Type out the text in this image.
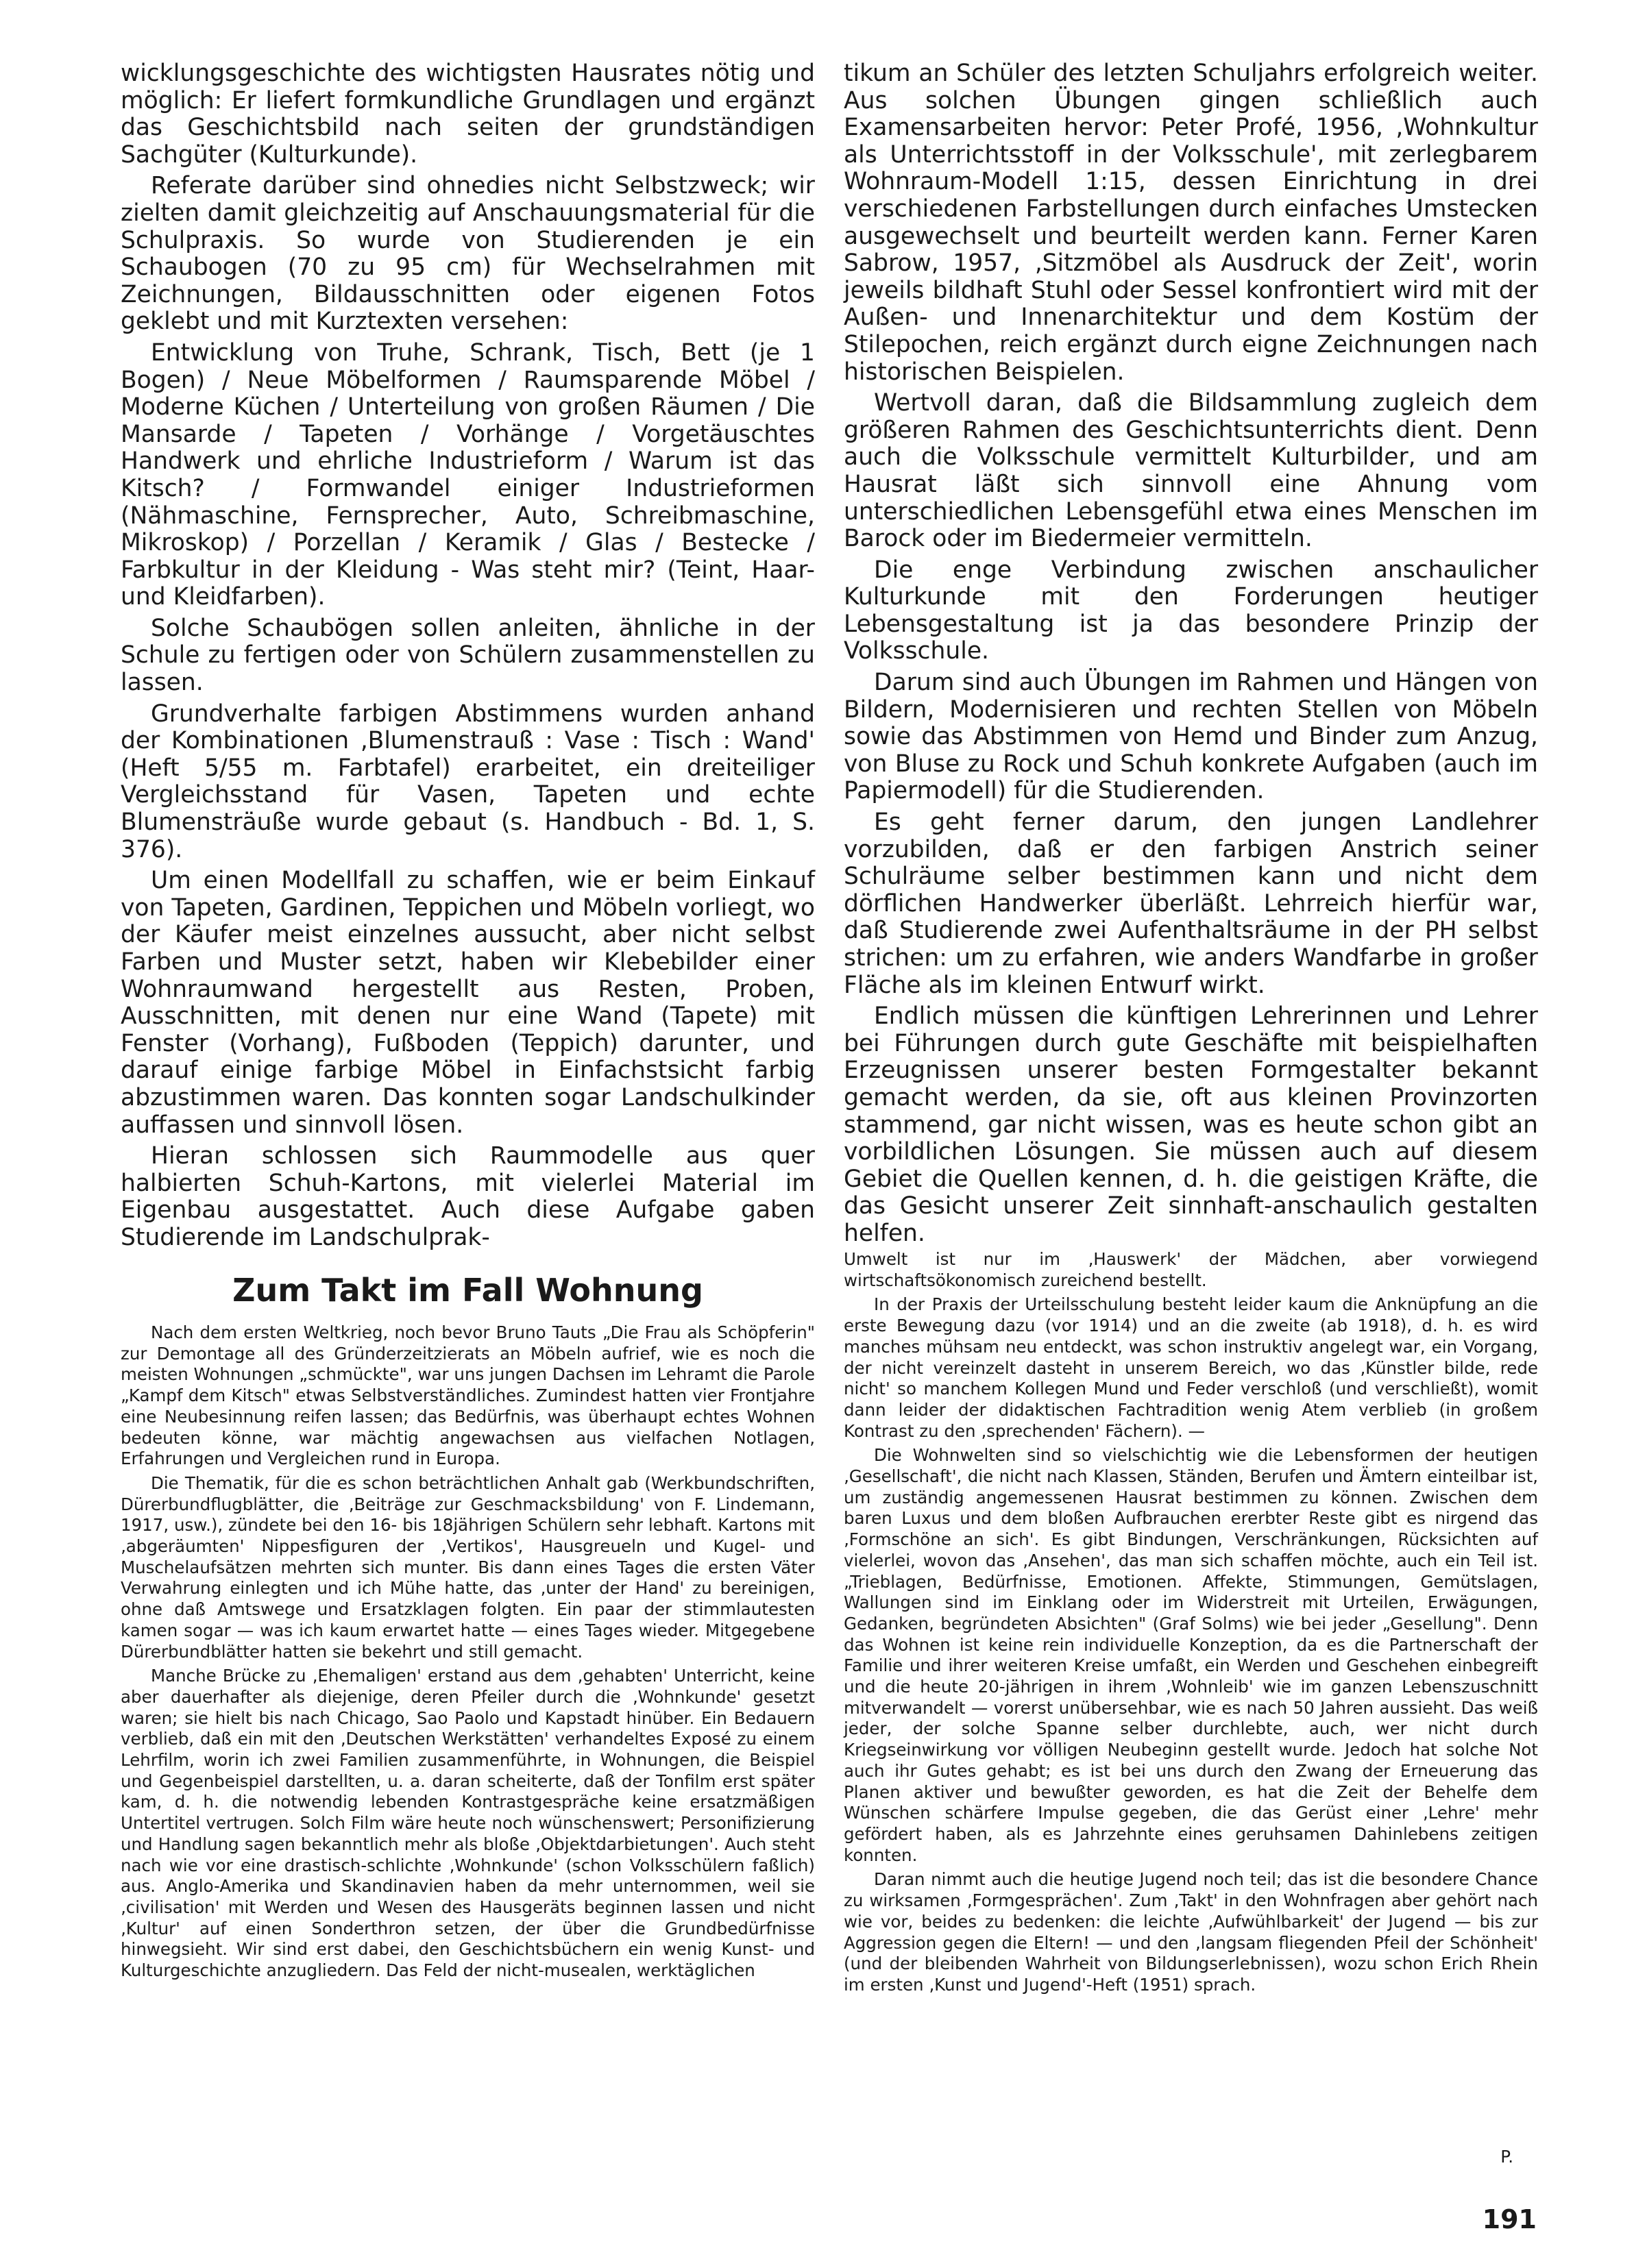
wicklungsgeschichte des wichtigsten Hausrates nötig und möglich: Er liefert formkundliche Grundlagen und ergänzt das Geschichtsbild nach seiten der grundständigen Sachgüter (Kulturkunde).

Referate darüber sind ohnedies nicht Selbstzweck; wir zielten damit gleichzeitig auf Anschauungsmaterial für die Schulpraxis. So wurde von Studierenden je ein Schaubogen (70 zu 95 cm) für Wechselrahmen mit Zeichnungen, Bildausschnitten oder eigenen Fotos geklebt und mit Kurztexten versehen:

Entwicklung von Truhe, Schrank, Tisch, Bett (je 1 Bogen) / Neue Möbelformen / Raumsparende Möbel / Moderne Küchen / Unterteilung von großen Räumen / Die Mansarde / Tapeten / Vorhänge / Vorgetäuschtes Handwerk und ehrliche Industrieform / Warum ist das Kitsch? / Formwandel einiger Industrieformen (Nähmaschine, Fernsprecher, Auto, Schreibmaschine, Mikroskop) / Porzellan / Keramik / Glas / Bestecke / Farbkultur in der Kleidung - Was steht mir? (Teint, Haar- und Kleidfarben).

Solche Schaubögen sollen anleiten, ähnliche in der Schule zu fertigen oder von Schülern zusammenstellen zu lassen.

Grundverhalte farbigen Abstimmens wurden anhand der Kombinationen ‚Blumenstrauß : Vase : Tisch : Wand' (Heft 5/55 m. Farbtafel) erarbeitet, ein dreiteiliger Vergleichsstand für Vasen, Tapeten und echte Blumensträuße wurde gebaut (s. Handbuch - Bd. 1, S. 376).

Um einen Modellfall zu schaffen, wie er beim Einkauf von Tapeten, Gardinen, Teppichen und Möbeln vorliegt, wo der Käufer meist einzelnes aussucht, aber nicht selbst Farben und Muster setzt, haben wir Klebebilder einer Wohnraumwand hergestellt aus Resten, Proben, Ausschnitten, mit denen nur eine Wand (Tapete) mit Fenster (Vorhang), Fußboden (Teppich) darunter, und darauf einige farbige Möbel in Einfachstsicht farbig abzustimmen waren. Das konnten sogar Landschulkinder auffassen und sinnvoll lösen.

Hieran schlossen sich Raummodelle aus quer halbierten Schuh-Kartons, mit vielerlei Material im Eigenbau ausgestattet. Auch diese Aufgabe gaben Studierende im Landschulprak-

tikum an Schüler des letzten Schuljahrs erfolgreich weiter. Aus solchen Übungen gingen schließlich auch Examensarbeiten hervor: Peter Profé, 1956, ‚Wohnkultur als Unterrichtsstoff in der Volksschule', mit zerlegbarem Wohnraum-Modell 1:15, dessen Einrichtung in drei verschiedenen Farbstellungen durch einfaches Umstecken ausgewechselt und beurteilt werden kann. Ferner Karen Sabrow, 1957, ‚Sitzmöbel als Ausdruck der Zeit', worin jeweils bildhaft Stuhl oder Sessel konfrontiert wird mit der Außen- und Innenarchitektur und dem Kostüm der Stilepochen, reich ergänzt durch eigne Zeichnungen nach historischen Beispielen.

Wertvoll daran, daß die Bildsammlung zugleich dem größeren Rahmen des Geschichtsunterrichts dient. Denn auch die Volksschule vermittelt Kulturbilder, und am Hausrat läßt sich sinnvoll eine Ahnung vom unterschiedlichen Lebensgefühl etwa eines Menschen im Barock oder im Biedermeier vermitteln.

Die enge Verbindung zwischen anschaulicher Kulturkunde mit den Forderungen heutiger Lebensgestaltung ist ja das besondere Prinzip der Volksschule.

Darum sind auch Übungen im Rahmen und Hängen von Bildern, Modernisieren und rechten Stellen von Möbeln sowie das Abstimmen von Hemd und Binder zum Anzug, von Bluse zu Rock und Schuh konkrete Aufgaben (auch im Papiermodell) für die Studierenden.

Es geht ferner darum, den jungen Landlehrer vorzubilden, daß er den farbigen Anstrich seiner Schulräume selber bestimmen kann und nicht dem dörflichen Handwerker überläßt. Lehrreich hierfür war, daß Studierende zwei Aufenthaltsräume in der PH selbst strichen: um zu erfahren, wie anders Wandfarbe in großer Fläche als im kleinen Entwurf wirkt.

Endlich müssen die künftigen Lehrerinnen und Lehrer bei Führungen durch gute Geschäfte mit beispielhaften Erzeugnissen unserer besten Formgestalter bekannt gemacht werden, da sie, oft aus kleinen Provinzorten stammend, gar nicht wissen, was es heute schon gibt an vorbildlichen Lösungen. Sie müssen auch auf diesem Gebiet die Quellen kennen, d. h. die geistigen Kräfte, die das Gesicht unserer Zeit sinnhaft-anschaulich gestalten helfen.

Zum Takt im Fall Wohnung

Nach dem ersten Weltkrieg, noch bevor Bruno Tauts „Die Frau als Schöpferin" zur Demontage all des Gründerzeitzierats an Möbeln aufrief, wie es noch die meisten Wohnungen „schmückte", war uns jungen Dachsen im Lehramt die Parole „Kampf dem Kitsch" etwas Selbstverständliches. Zumindest hatten vier Frontjahre eine Neubesinnung reifen lassen; das Bedürfnis, was überhaupt echtes Wohnen bedeuten könne, war mächtig angewachsen aus vielfachen Notlagen, Erfahrungen und Vergleichen rund in Europa.

Die Thematik, für die es schon beträchtlichen Anhalt gab (Werkbundschriften, Dürerbundflugblätter, die ‚Beiträge zur Geschmacksbildung' von F. Lindemann, 1917, usw.), zündete bei den 16- bis 18jährigen Schülern sehr lebhaft. Kartons mit ‚abgeräumten' Nippesfiguren der ‚Vertikos', Hausgreueln und Kugel- und Muschelaufsätzen mehrten sich munter. Bis dann eines Tages die ersten Väter Verwahrung einlegten und ich Mühe hatte, das ‚unter der Hand' zu bereinigen, ohne daß Amtswege und Ersatzklagen folgten. Ein paar der stimmlautesten kamen sogar — was ich kaum erwartet hatte — eines Tages wieder. Mitgegebene Dürerbundblätter hatten sie bekehrt und still gemacht.

Manche Brücke zu ‚Ehemaligen' erstand aus dem ‚gehabten' Unterricht, keine aber dauerhafter als diejenige, deren Pfeiler durch die ‚Wohnkunde' gesetzt waren; sie hielt bis nach Chicago, Sao Paolo und Kapstadt hinüber. Ein Bedauern verblieb, daß ein mit den ‚Deutschen Werkstätten' verhandeltes Exposé zu einem Lehrfilm, worin ich zwei Familien zusammenführte, in Wohnungen, die Beispiel und Gegenbeispiel darstellten, u. a. daran scheiterte, daß der Tonfilm erst später kam, d. h. die notwendig lebenden Kontrastgespräche keine ersatzmäßigen Untertitel vertrugen. Solch Film wäre heute noch wünschenswert; Personifizierung und Handlung sagen bekanntlich mehr als bloße ‚Objektdarbietungen'. Auch steht nach wie vor eine drastisch-schlichte ‚Wohnkunde' (schon Volksschülern faßlich) aus. Anglo-Amerika und Skandinavien haben da mehr unternommen, weil sie ‚civilisation' mit Werden und Wesen des Hausgeräts beginnen lassen und nicht ‚Kultur' auf einen Sonderthron setzen, der über die Grundbedürfnisse hinwegsieht. Wir sind erst dabei, den Geschichtsbüchern ein wenig Kunst- und Kulturgeschichte anzugliedern. Das Feld der nicht-musealen, werktäglichen

Umwelt ist nur im ‚Hauswerk' der Mädchen, aber vorwiegend wirtschaftsökonomisch zureichend bestellt.

In der Praxis der Urteilsschulung besteht leider kaum die Anknüpfung an die erste Bewegung dazu (vor 1914) und an die zweite (ab 1918), d. h. es wird manches mühsam neu entdeckt, was schon instruktiv angelegt war, ein Vorgang, der nicht vereinzelt dasteht in unserem Bereich, wo das ‚Künstler bilde, rede nicht' so manchem Kollegen Mund und Feder verschloß (und verschließt), womit dann leider der didaktischen Fachtradition wenig Atem verblieb (in großem Kontrast zu den ‚sprechenden' Fächern). —

Die Wohnwelten sind so vielschichtig wie die Lebensformen der heutigen ‚Gesellschaft', die nicht nach Klassen, Ständen, Berufen und Ämtern einteilbar ist, um zuständig angemessenen Hausrat bestimmen zu können. Zwischen dem baren Luxus und dem bloßen Aufbrauchen ererbter Reste gibt es nirgend das ‚Formschöne an sich'. Es gibt Bindungen, Verschränkungen, Rücksichten auf vielerlei, wovon das ‚Ansehen', das man sich schaffen möchte, auch ein Teil ist. „Trieblagen, Bedürfnisse, Emotionen. Affekte, Stimmungen, Gemütslagen, Wallungen sind im Einklang oder im Widerstreit mit Urteilen, Erwägungen, Gedanken, begründeten Absichten" (Graf Solms) wie bei jeder „Gesellung". Denn das Wohnen ist keine rein individuelle Konzeption, da es die Partnerschaft der Familie und ihrer weiteren Kreise umfaßt, ein Werden und Geschehen einbegreift und die heute 20-jährigen in ihrem ‚Wohnleib' wie im ganzen Lebenszuschnitt mitverwandelt — vorerst unübersehbar, wie es nach 50 Jahren aussieht. Das weiß jeder, der solche Spanne selber durchlebte, auch, wer nicht durch Kriegseinwirkung vor völligen Neubeginn gestellt wurde. Jedoch hat solche Not auch ihr Gutes gehabt; es ist bei uns durch den Zwang der Erneuerung das Planen aktiver und bewußter geworden, es hat die Zeit der Behelfe dem Wünschen schärfere Impulse gegeben, die das Gerüst einer ‚Lehre' mehr gefördert haben, als es Jahrzehnte eines geruhsamen Dahinlebens zeitigen konnten.

Daran nimmt auch die heutige Jugend noch teil; das ist die besondere Chance zu wirksamen ‚Formgesprächen'. Zum ‚Takt' in den Wohnfragen aber gehört nach wie vor, beides zu bedenken: die leichte ‚Aufwühlbarkeit' der Jugend — bis zur Aggression gegen die Eltern! — und den ‚langsam fliegenden Pfeil der Schönheit' (und der bleibenden Wahrheit von Bildungserlebnissen), wozu schon Erich Rhein im ersten ‚Kunst und Jugend'-Heft (1951) sprach.

P.
191
